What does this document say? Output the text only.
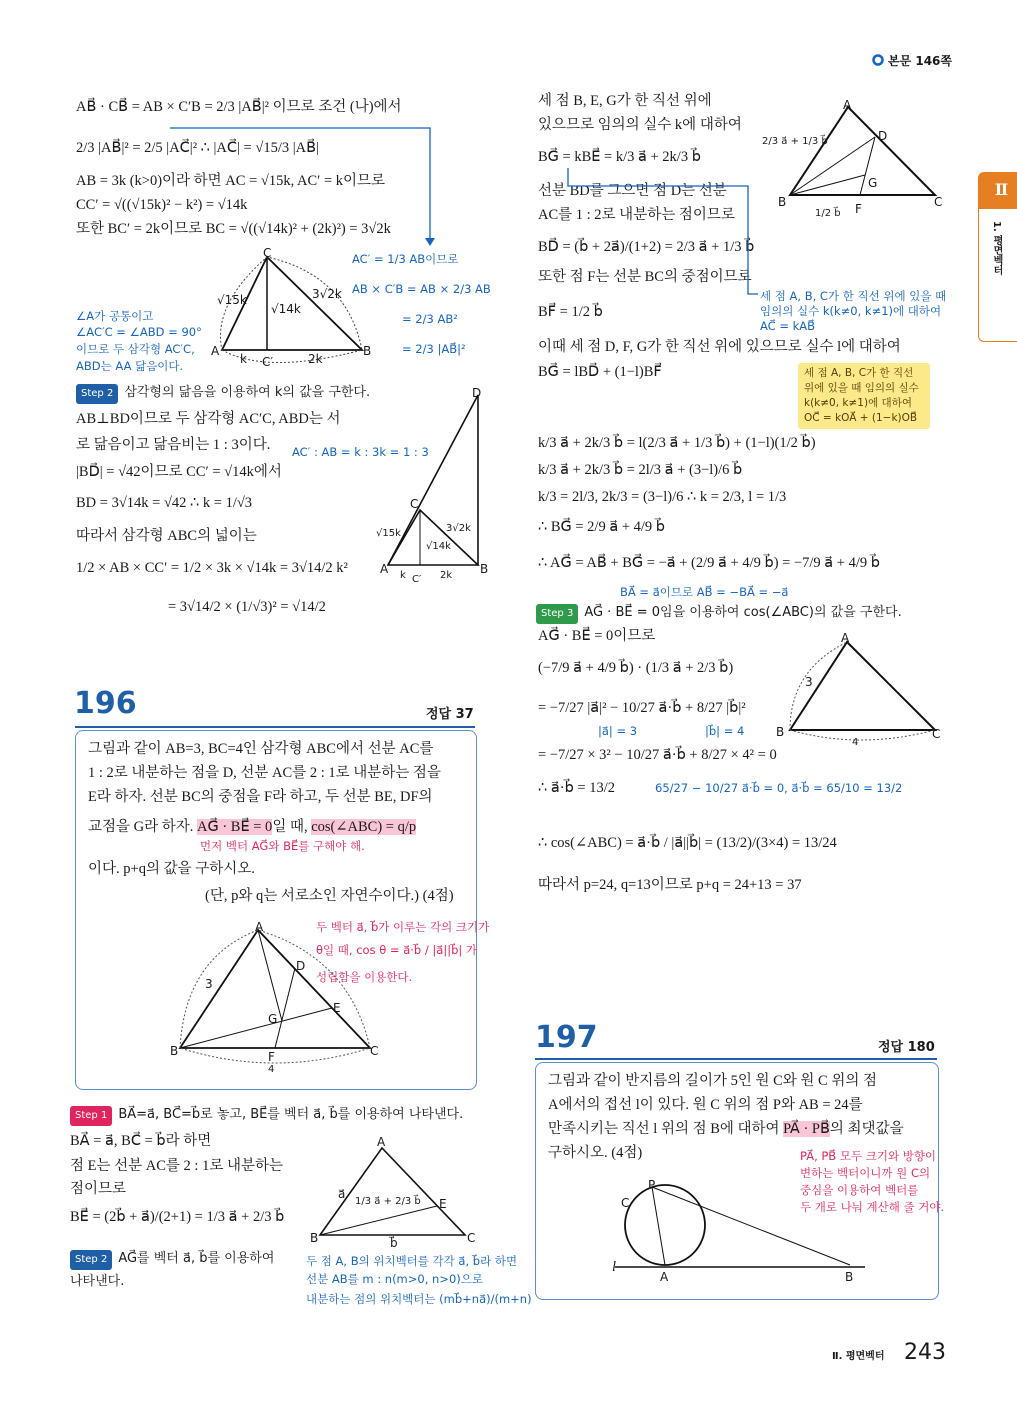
본문 146쪽
Ⅱ
1. 평면벡터
AB⃗ · CB⃗ = AB × C′B = 2/3 |AB⃗|² 이므로 조건 (나)에서
2/3 |AB⃗|² = 2/5 |AC⃗|² ∴ |AC⃗| = √15/3 |AB⃗|
AB = 3k (k>0)이라 하면 AC = √15k, AC′ = k이므로
CC′ = √((√15k)² − k²) = √14k
또한 BC′ = 2k이므로 BC = √((√14k)² + (2k)²) = 3√2k
AC′ = 1/3 AB이므로
AB × C′B = AB × 2/3 AB
= 2/3 AB²
= 2/3 |AB⃗|²
∠A가 공통이고
∠AC′C = ∠ABD = 90°
이므로 두 삼각형 AC′C,
ABD는 AA 닮음이다.
C
A	B
C′
√15k
√14k
3√2k
k	2k
Step 2 삼각형의 닮음을 이용하여 k의 값을 구한다.
AB⊥BD이므로 두 삼각형 AC′C, ABD는 서
로 닮음이고 닮음비는 1 : 3이다. AC′ : AB = k : 3k = 1 : 3
|BD⃗| = √42이므로 CC′ = √14k에서
BD = 3√14k = √42 ∴ k = 1/√3
따라서 삼각형 ABC의 넓이는
1/2 × AB × CC′ = 1/2 × 3k × √14k = 3√14/2 k²
= 3√14/2 × (1/√3)² = √14/2
D
C
A	B
C′
√15k
√14k
3√2k
k	2k
196	정답 37
그림과 같이 AB=3, BC=4인 삼각형 ABC에서 선분 AC를
1 : 2로 내분하는 점을 D, 선분 AC를 2 : 1로 내분하는 점을
E라 하자. 선분 BC의 중점을 F라 하고, 두 선분 BE, DF의
교점을 G라 하자. AG⃗ · BE⃗ = 0일 때, cos(∠ABC) = q/p
먼저 벡터 AG⃗와 BE⃗를 구해야 해.
이다. p+q의 값을 구하시오.
(단, p와 q는 서로소인 자연수이다.) (4점)
두 벡터 a⃗, b⃗가 이루는 각의 크기가
θ일 때, cos θ = a⃗·b⃗ / |a⃗||b⃗| 가
성립함을 이용한다.
A
B	C
D
E
F
G
3
4
Step 1 BA⃗=a⃗, BC⃗=b⃗로 놓고, BE⃗를 벡터 a⃗, b⃗를 이용하여 나타낸다.
BA⃗ = a⃗, BC⃗ = b⃗라 하면
점 E는 선분 AC를 2 : 1로 내분하는
점이므로
BE⃗ = (2b⃗ + a⃗)/(2+1) = 1/3 a⃗ + 2/3 b⃗
Step 2 AG⃗를 벡터 a⃗, b⃗를 이용하여
나타낸다.
두 점 A, B의 위치벡터를 각각 a⃗, b⃗라 하면
선분 AB를 m : n(m>0, n>0)으로
내분하는 점의 위치벡터는 (mb⃗+na⃗)/(m+n)
A
B	C
E
a⃗
b⃗
1/3 a⃗ + 2/3 b⃗
세 점 B, E, G가 한 직선 위에
있으므로 임의의 실수 k에 대하여
BG⃗ = kBE⃗ = k/3 a⃗ + 2k/3 b⃗
선분 BD를 그으면 점 D는 선분
AC를 1 : 2로 내분하는 점이므로
BD⃗ = (b⃗ + 2a⃗)/(1+2) = 2/3 a⃗ + 1/3 b⃗
또한 점 F는 선분 BC의 중점이므로
BF⃗ = 1/2 b⃗
세 점 A, B, C가 한 직선 위에 있을 때
임의의 실수 k(k≠0, k≠1)에 대하여
AC⃗ = kAB⃗
A
B	C
D
F
G
2/3 a⃗ + 1/3 b⃗
1/2 b⃗
이때 세 점 D, F, G가 한 직선 위에 있으므로 실수 l에 대하여
BG⃗ = lBD⃗ + (1−l)BF⃗	세 점 A, B, C가 한 직선
위에 있을 때 임의의 실수
k(k≠0, k≠1)에 대하여
OC⃗ = kOA⃗ + (1−k)OB⃗
k/3 a⃗ + 2k/3 b⃗ = l(2/3 a⃗ + 1/3 b⃗) + (1−l)(1/2 b⃗)
k/3 a⃗ + 2k/3 b⃗ = 2l/3 a⃗ + (3−l)/6 b⃗
k/3 = 2l/3, 2k/3 = (3−l)/6 ∴ k = 2/3, l = 1/3
∴ BG⃗ = 2/9 a⃗ + 4/9 b⃗
∴ AG⃗ = AB⃗ + BG⃗ = −a⃗ + (2/9 a⃗ + 4/9 b⃗) = −7/9 a⃗ + 4/9 b⃗
BA⃗ = a⃗이므로 AB⃗ = −BA⃗ = −a⃗
Step 3 AG⃗ · BE⃗ = 0임을 이용하여 cos(∠ABC)의 값을 구한다.
AG⃗ · BE⃗ = 0이므로
(−7/9 a⃗ + 4/9 b⃗) · (1/3 a⃗ + 2/3 b⃗)
= −7/27 |a⃗|² − 10/27 a⃗·b⃗ + 8/27 |b⃗|²
|a⃗| = 3	|b⃗| = 4
= −7/27 × 3² − 10/27 a⃗·b⃗ + 8/27 × 4² = 0
∴ a⃗·b⃗ = 13/2	65/27 − 10/27 a⃗·b⃗ = 0, a⃗·b⃗ = 65/10 = 13/2
∴ cos(∠ABC) = a⃗·b⃗ / |a⃗||b⃗| = (13/2)/(3×4) = 13/24
따라서 p=24, q=13이므로 p+q = 24+13 = 37
A
B	C
3
4
197	정답 180
그림과 같이 반지름의 길이가 5인 원 C와 원 C 위의 점
A에서의 접선 l이 있다. 원 C 위의 점 P와 AB = 24를
만족시키는 직선 l 위의 점 B에 대하여 PA⃗ · PB⃗의 최댓값을
구하시오. (4점)	PA⃗, PB⃗ 모두 크기와 방향이
변하는 벡터이니까 원 C의
중심을 이용하여 벡터를
두 개로 나눠 계산해 줄 거야.
P
C
A	B
l
Ⅱ. 평면벡터 243
